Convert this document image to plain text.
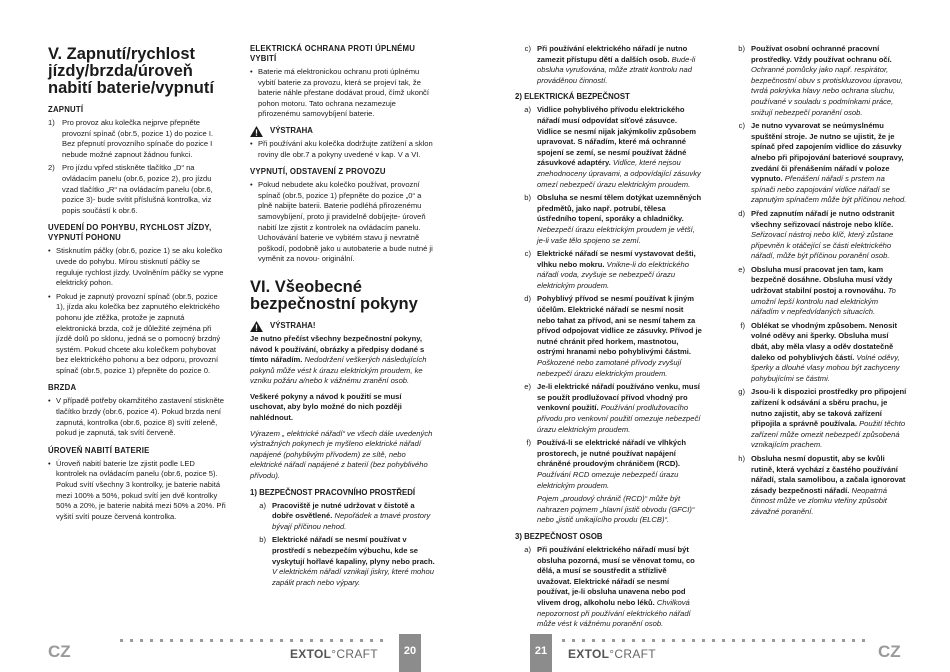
V. Zapnutí/rychlost jízdy/brzda/úroveň nabití baterie/vypnutí
ZAPNUTÍ
1) Pro provoz aku kolečka nejprve přepněte provozní spínač (obr.5, pozice 1) do pozice I. Bez přepnutí provozního spínače do pozice I nebude možné zapnout žádnou funkci.
2) Pro jízdu vpřed stiskněte tlačítko „D“ na ovládacím panelu (obr.6, pozice 2), pro jízdu vzad tlačítko „R“ na ovládacím panelu (obr.6, pozice 3)- bude svítit příslušná kontrolka, viz popis součástí k obr.6.
UVEDENÍ DO POHYBU, RYCHLOST JÍZDY, VYPNUTÍ POHONU
• Stisknutím páčky (obr.6, pozice 1) se aku kolečko uvede do pohybu. Mírou stisknutí páčky se reguluje rychlost jízdy. Uvolněním páčky se vypne elektrický pohon.
• Pokud je zapnutý provozní spínač (obr.5, pozice 1), jízda aku kolečka bez zapnutého elektrického pohonu jde ztěžka, protože je zapnutá elektronická brzda, což je důležité zejména při jízdě dolů po sklonu, jedná se o pomocný brzdný systém. Pokud chcete aku kolečkem pohybovat bez elektrického pohonu a bez odporu, provozní spínač (obr.5, pozice 1) přepněte do pozice 0.
BRZDA
• V případě potřeby okamžitého zastavení stiskněte tlačítko brzdy (obr.6, pozice 4). Pokud brzda není zapnutá, kontrolka (obr.6, pozice 8) svítí zeleně, pokud je zapnutá, tak svítí červeně.
ÚROVEŇ NABITÍ BATERIE
• Úroveň nabití baterie lze zjistit podle LED kontrolek na ovládacím panelu (obr.6, pozice 5). Pokud svítí všechny 3 kontrolky, je baterie nabitá mezi 100% a 50%, pokud svítí jen dvě kontrolky 50% a 20%, je baterie nabitá mezi 50% a 20%. Při vyšití svítí pouze červená kontrolka.
ELEKTRICKÁ OCHRANA PROTI ÚPLNÉMU VYBITÍ
• Baterie má elektronickou ochranu proti úplnému vybití baterie za provozu, která se projeví tak, že baterie náhle přestane dodávat proud, čímž ukončí pohon motoru. Tato ochrana nezamezuje přirozenému samovybíjení baterie.
VÝSTRAHA
• Při používání aku kolečka dodržujte zatížení a sklon roviny dle obr.7 a pokyny uvedené v kap. V a VI.
VYPNUTÍ, ODSTAVENÍ Z PROVOZU
• Pokud nebudete aku kolečko používat, provozní spínač (obr.5, pozice 1) přepněte do pozice „0“ a plně nabijte baterii. Baterie podléhá přirozenému samovybíjení, proto ji pravidelně dobíjejte- úroveň nabití lze zjistit z kontrolek na ovládacím panelu. Uchovávání baterie ve vybitém stavu ji nevratně poškodí, podobně jako u autobaterie a bude nutné ji vyměnit za novou- originální.
VI. Všeobecné bezpečnostní pokyny
VÝSTRAHA!
Je nutno přečíst všechny bezpečnostní pokyny, návod k používání, obrázky a předpisy dodané s tímto nářadím. Nedodržení veškerých následujících pokynů může vést k úrazu elektrickým proudem, ke vzniku požáru a/nebo k vážnému zranění osob.
Veškeré pokyny a návod k použití se musí uschovat, aby bylo možné do nich později nahlédnout.
Výrazem „ elektrické nářadí“ ve všech dále uvedených výstražných pokynech je myšleno elektrické nářadí napájené (pohyblivým přívodem) ze sítě, nebo elektrické nářadí napájené z baterií (bez pohyblivého přívodu).
1) BEZPEČNOST PRACOVNÍHO PROSTŘEDÍ
a) Pracoviště je nutné udržovat v čistotě a dobře osvětlené. Nepořádek a tmavé prostory bývají příčinou nehod.
b) Elektrické nářadí se nesmí používat v prostředí s nebezpečím výbuchu, kde se vyskytují hořlavé kapaliny, plyny nebo prach. V elektrickém nářadí vznikají jiskry, které mohou zapálit prach nebo výpary.
c) Při používání elektrického nářadí je nutno zamezit přístupu dětí a dalších osob. Bude-li obsluha vyrušována, může ztratit kontrolu nad prováděnou činností.
2) ELEKTRICKÁ BEZPEČNOST
a) Vidlice pohyblivého přívodu elektrického nářadí musí odpovídat síťové zásuvce. Vidlice se nesmí nijak jakýmkoliv způsobem upravovat. S nářadím, které má ochranné spojení se zemí, se nesmí používat žádné zásuvkové adaptéry. Vidlice, které nejsou znehodnoceny úpravami, a odpovídající zásuvky omezí nebezpečí úrazu elektrickým proudem.
b) Obsluha se nesmí tělem dotýkat uzemněných předmětů, jako např. potrubí, tělesa ústředního topení, sporáky a chladničky. Nebezpečí úrazu elektrickým proudem je větší, je-li vaše tělo spojeno se zemí.
c) Elektrické nářadí se nesmí vystavovat dešti, vlhku nebo mokru. Vnikne-li do elektrického nářadí voda, zvyšuje se nebezpečí úrazu elektrickým proudem.
d) Pohyblivý přívod se nesmí používat k jiným účelům. Elektrické nářadí se nesmí nosit nebo tahat za přívod, ani se nesmí tahem za přívod odpojovat vidlice ze zásuvky. Přívod je nutné chránit před horkem, mastnotou, ostrými hranami nebo pohyblivými částmi. Poškozené nebo zamotané přívody zvyšují nebezpečí úrazu elektrickým proudem.
e) Je-li elektrické nářadí používáno venku, musí se použít prodlužovací přívod vhodný pro venkovní použití. Používání prodlužovacího přívodu pro venkovní použití omezuje nebezpečí úrazu elektrickým proudem.
f) Používá-li se elektrické nářadí ve vlhkých prostorech, je nutné používat napájení chráněné proudovým chráničem (RCD). Používání RCD omezuje nebezpečí úrazu elektrickým proudem.
Pojem „proudový chránič (RCD)“ může být nahrazen pojmem „hlavní jistič obvodu (GFCI)“ nebo „jistič unikajícího proudu (ELCB)“.
3) BEZPEČNOST OSOB
a) Při používání elektrického nářadí musí být obsluha pozorná, musí se věnovat tomu, co dělá, a musí se soustředit a střízlivě uvažovat. Elektrické nářadí se nesmí používat, je-li obsluha unavena nebo pod vlivem drog, alkoholu nebo léků. Chvilková nepozornost při používání elektrického nářadí může vést k vážnému poranění osob.
b) Používat osobní ochranné pracovní prostředky. Vždy používat ochranu očí. Ochranné pomůcky jako např. respirátor, bezpečnostní obuv s protiskluzovou úpravou, tvrdá pokrývka hlavy nebo ochrana sluchu, používané v souladu s podmínkami práce, snižují nebezpečí poranění osob.
c) Je nutno vyvarovat se neúmyslnému spuštění stroje. Je nutno se ujistit, že je spínač před zapojením vidlice do zásuvky a/nebo při připojování bateriové soupravy, zvedání či přenášením nářadí v poloze vypnuto. Přenášení nářadí s prstem na spínači nebo zapojování vidlice nářadí se zapnutým spínačem může být příčinou nehod.
d) Před zapnutím nářadí je nutno odstranit všechny seřizovací nástroje nebo klíče. Seřizovací nástroj nebo klíč, který zůstane připevněn k otáčející se části elektrického nářadí, může být příčinou poranění osob.
e) Obsluha musí pracovat jen tam, kam bezpečně dosáhne. Obsluha musí vždy udržovat stabilní postoj a rovnováhu. To umožní lepší kontrolu nad elektrickým nářadím v nepředvídaných situacích.
f) Oblékat se vhodným způsobem. Nenosit volné oděvy ani šperky. Obsluha musí dbát, aby měla vlasy a oděv dostatečně daleko od pohyblivých částí. Volné oděvy, šperky a dlouhé vlasy mohou být zachyceny pohybujícími se částmi.
g) Jsou-li k dispozici prostředky pro připojení zařízení k odsávání a sběru prachu, je nutno zajistit, aby se taková zařízení připojila a správně používala. Použití těchto zařízení může omezit nebezpečí způsobená vznikajícím prachem.
h) Obsluha nesmí dopustit, aby se kvůli rutině, která vychází z častého používání nářadí, stala samolibou, a začala ignorovat zásady bezpečnosti nářadí. Neopatrná činnost může ve zlomku vteřiny způsobit závažné poranění.
CZ	EXTOL°CRAFT	20	21	EXTOL°CRAFT	CZ
